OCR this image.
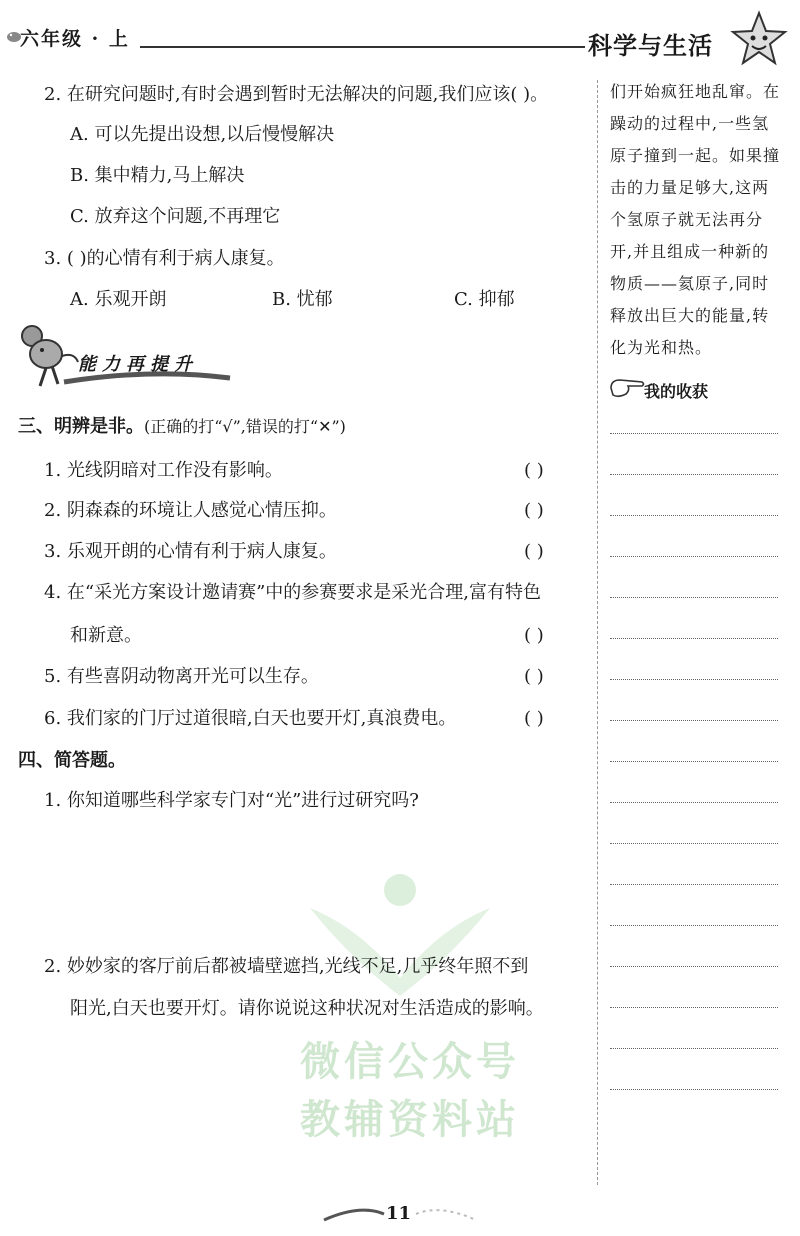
六年级 · 上	科学与生活
2. 在研究问题时,有时会遇到暂时无法解决的问题,我们应该( )。
A. 可以先提出设想,以后慢慢解决
B. 集中精力,马上解决
C. 放弃这个问题,不再理它
3. ( )的心情有利于病人康复。
A. 乐观开朗	B. 忧郁	C. 抑郁
能力再提升
三、明辨是非。(正确的打“√”,错误的打“✕”)
1. 光线阴暗对工作没有影响。	( )
2. 阴森森的环境让人感觉心情压抑。	( )
3. 乐观开朗的心情有利于病人康复。	( )
4. 在“采光方案设计邀请赛”中的参赛要求是采光合理,富有特色
和新意。	( )
5. 有些喜阴动物离开光可以生存。	( )
6. 我们家的门厅过道很暗,白天也要开灯,真浪费电。	( )
四、简答题。
1. 你知道哪些科学家专门对“光”进行过研究吗?
微信公众号
教辅资料站
2. 妙妙家的客厅前后都被墙壁遮挡,光线不足,几乎终年照不到
阳光,白天也要开灯。请你说说这种状况对生活造成的影响。
们开始疯狂地乱窜。在
躁动的过程中,一些氢
原子撞到一起。如果撞
击的力量足够大,这两
个氢原子就无法再分
开,并且组成一种新的
物质——氦原子,同时
释放出巨大的能量,转
化为光和热。
我的收获
11
